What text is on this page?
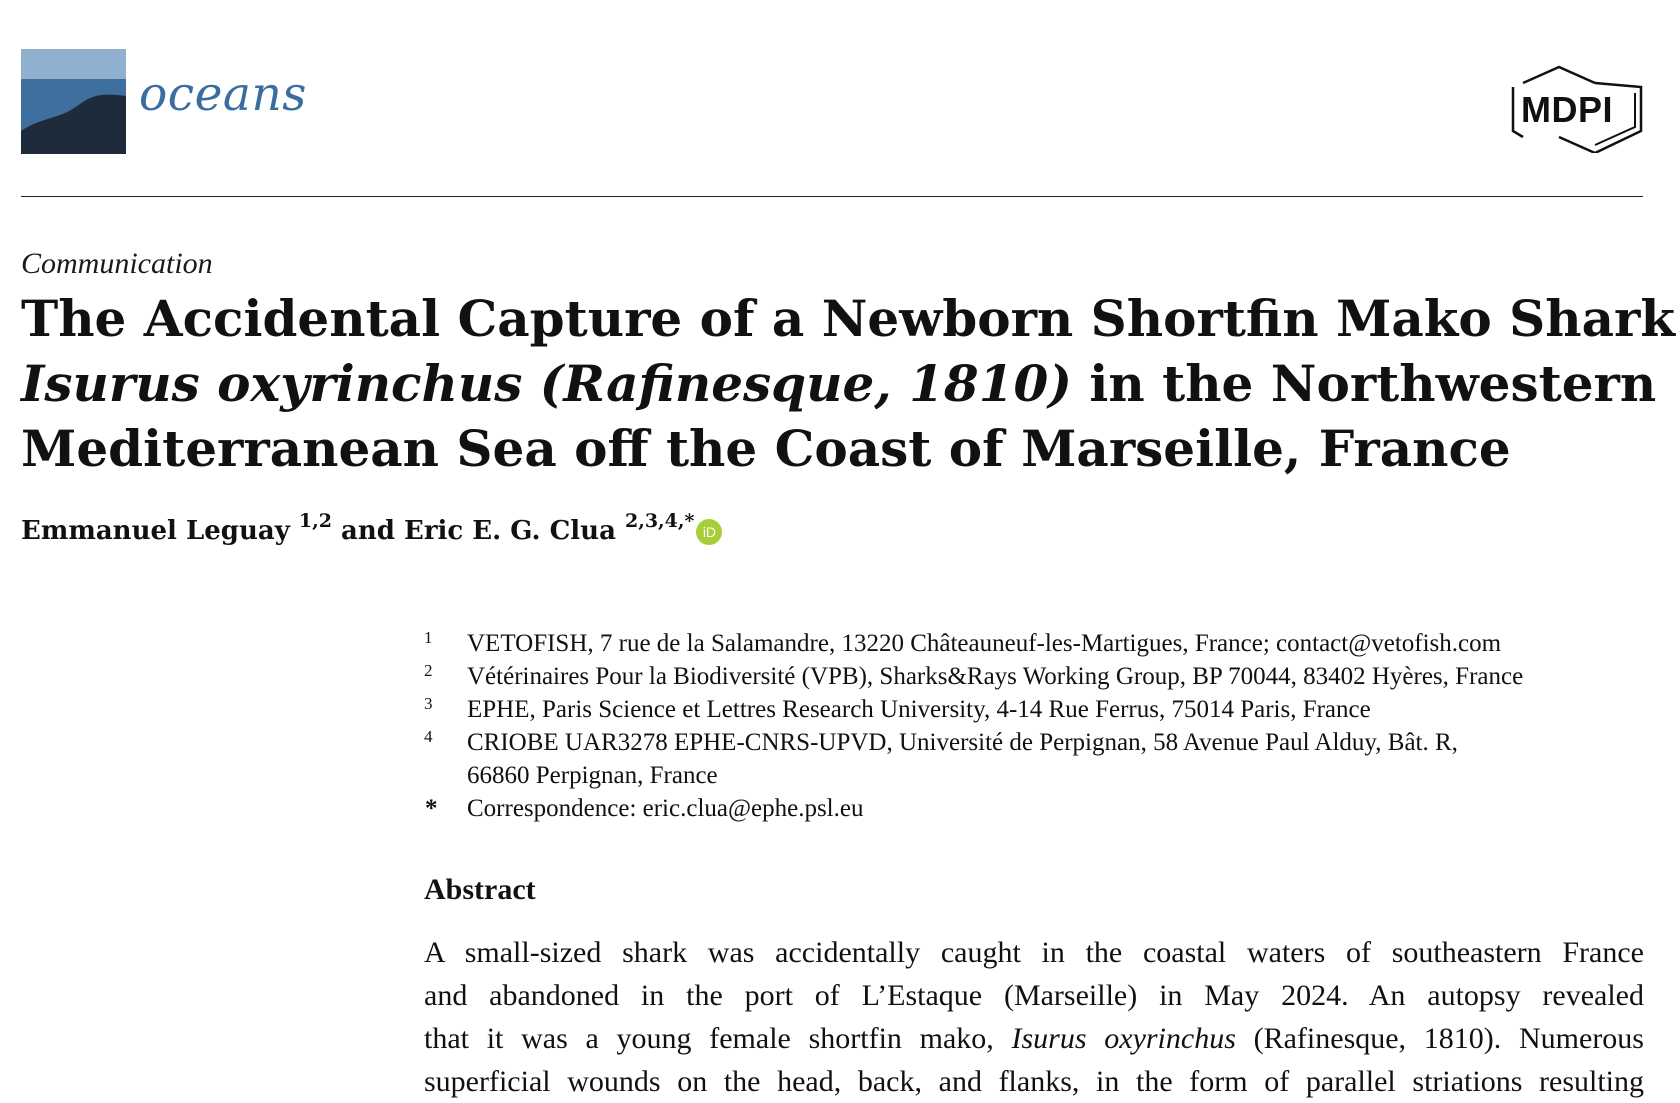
oceans	MDPI
Communication
The Accidental Capture of a Newborn Shortfin Mako Shark
Isurus oxyrinchus (Rafinesque, 1810) in the Northwestern
Mediterranean Sea off the Coast of Marseille, France
Emmanuel Leguay $^{1,2}$ and Eric E. G. Clua $^{2,3,4,*}$ iD
1 VETOFISH, 7 rue de la Salamandre, 13220 Châteauneuf-les-Martigues, France; contact@vetofish.com
2 Vétérinaires Pour la Biodiversité (VPB), Sharks&Rays Working Group, BP 70044, 83402 Hyères, France
3 EPHE, Paris Science et Lettres Research University, 4-14 Rue Ferrus, 75014 Paris, France
4 CRIOBE UAR3278 EPHE-CNRS-UPVD, Université de Perpignan, 58 Avenue Paul Alduy, Bât. R,
66860 Perpignan, France
* Correspondence: eric.clua@ephe.psl.eu
Abstract
A small-sized shark was accidentally caught in the coastal waters of southeastern France
and abandoned in the port of L’Estaque (Marseille) in May 2024. An autopsy revealed
that it was a young female shortfin mako, Isurus oxyrinchus (Rafinesque, 1810). Numerous
superficial wounds on the head, back, and flanks, in the form of parallel striations resulting
